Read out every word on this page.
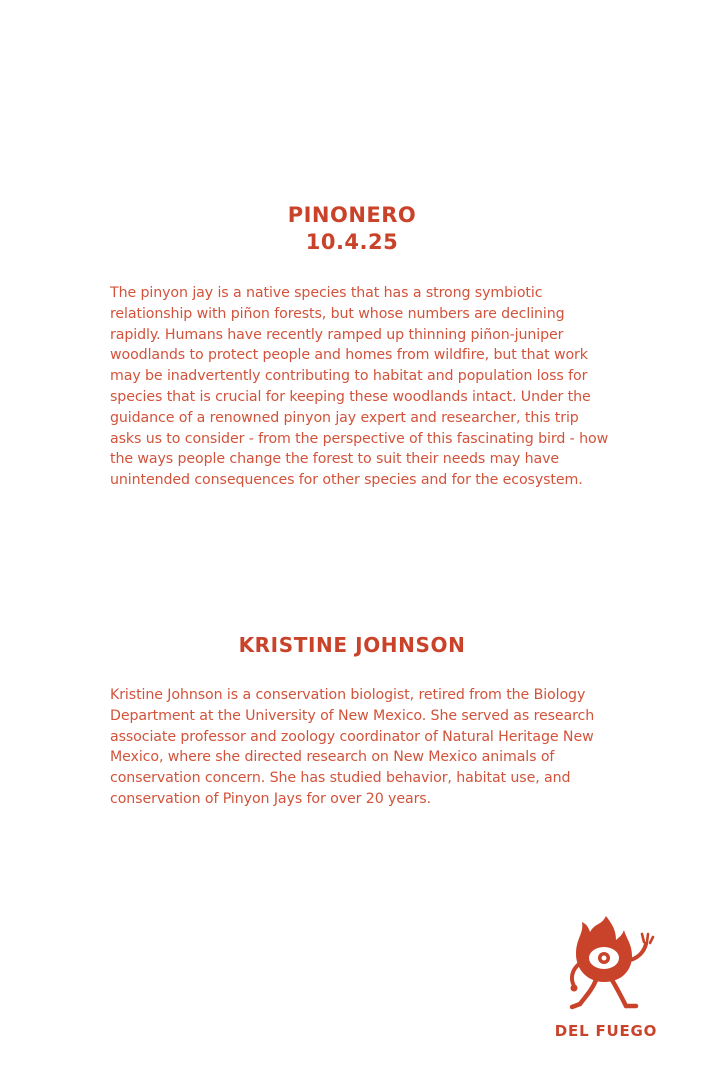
PINONERO
10.4.25
The pinyon jay is a native species that has a strong symbiotic relationship with piñon forests, but whose numbers are declining rapidly. Humans have recently ramped up thinning piñon-juniper woodlands to protect people and homes from wildfire, but that work may be inadvertently contributing to habitat and population loss for species that is crucial for keeping these woodlands intact. Under the guidance of a renowned pinyon jay expert and researcher, this trip asks us to consider - from the perspective of this fascinating bird - how the ways people change the forest to suit their needs may have unintended consequences for other species and for the ecosystem.
KRISTINE JOHNSON
Kristine Johnson is a conservation biologist, retired from the Biology Department at the University of New Mexico. She served as research associate professor and zoology coordinator of Natural Heritage New Mexico, where she directed research on New Mexico animals of conservation concern. She has studied behavior, habitat use, and conservation of Pinyon Jays for over 20 years.
DEL FUEGO
